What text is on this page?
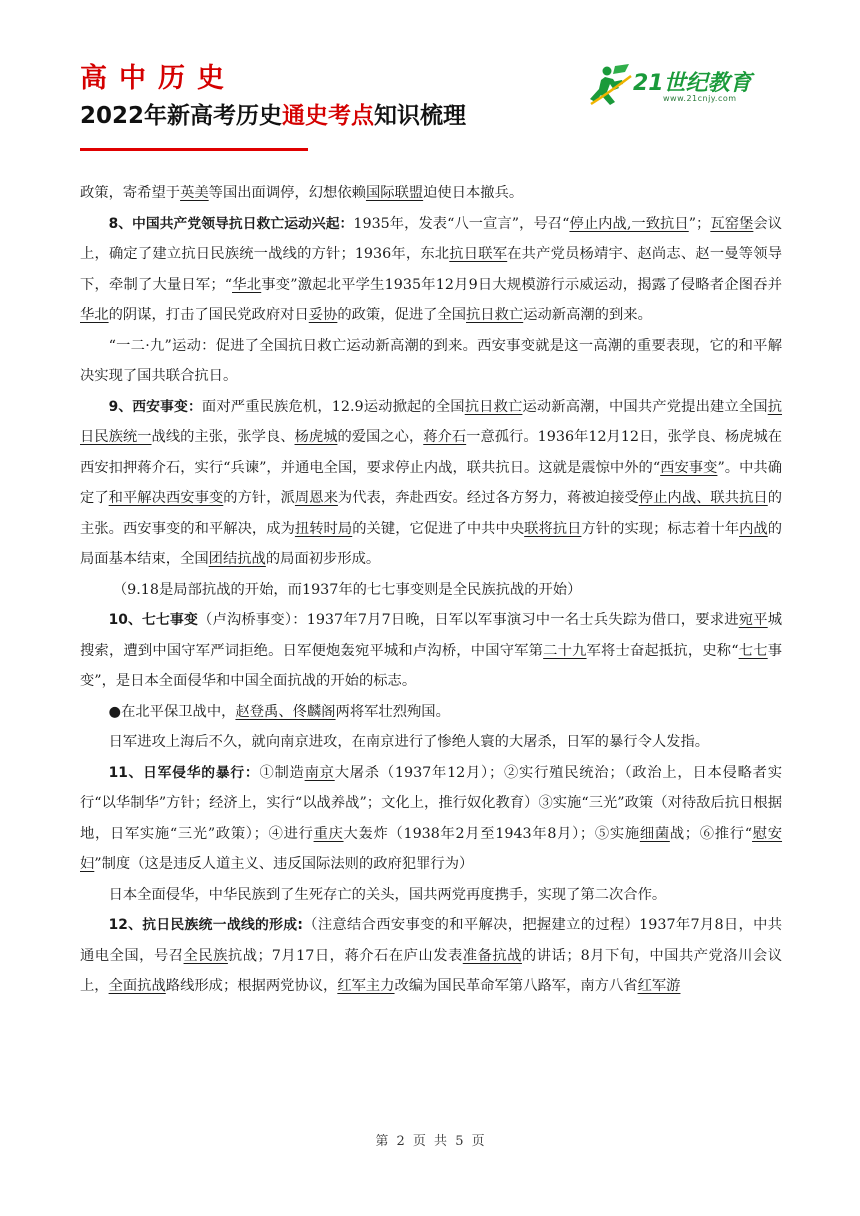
高中历史
2022年新高考历史通史考点知识梳理
21世纪教育
www.21cnjy.com

政策，寄希望于英美等国出面调停，幻想依赖国际联盟迫使日本撤兵。

8、中国共产党领导抗日救亡运动兴起：1935年，发表“八一宣言”，号召“停止内战,一致抗日”；瓦窑堡会议上，确定了建立抗日民族统一战线的方针；1936年，东北抗日联军在共产党员杨靖宇、赵尚志、赵一曼等领导下，牵制了大量日军；“华北事变”激起北平学生1935年12月9日大规模游行示威运动，揭露了侵略者企图吞并华北的阴谋，打击了国民党政府对日妥协的政策，促进了全国抗日救亡运动新高潮的到来。

“一二·九”运动：促进了全国抗日救亡运动新高潮的到来。西安事变就是这一高潮的重要表现，它的和平解决实现了国共联合抗日。

9、西安事变：面对严重民族危机，12.9运动掀起的全国抗日救亡运动新高潮，中国共产党提出建立全国抗日民族统一战线的主张，张学良、杨虎城的爱国之心，蒋介石一意孤行。1936年12月12日，张学良、杨虎城在西安扣押蒋介石，实行“兵谏”，并通电全国，要求停止内战，联共抗日。这就是震惊中外的“西安事变”。中共确定了和平解决西安事变的方针，派周恩来为代表，奔赴西安。经过各方努力，蒋被迫接受停止内战、联共抗日的主张。西安事变的和平解决，成为扭转时局的关键，它促进了中共中央联将抗日方针的实现；标志着十年内战的局面基本结束，全国团结抗战的局面初步形成。

（9.18是局部抗战的开始，而1937年的七七事变则是全民族抗战的开始）

10、七七事变（卢沟桥事变）：1937年7月7日晚，日军以军事演习中一名士兵失踪为借口，要求进宛平城搜索，遭到中国守军严词拒绝。日军便炮轰宛平城和卢沟桥，中国守军第二十九军将士奋起抵抗，史称“七七事变”，是日本全面侵华和中国全面抗战的开始的标志。

●在北平保卫战中，赵登禹、佟麟阁两将军壮烈殉国。

日军进攻上海后不久，就向南京进攻，在南京进行了惨绝人寰的大屠杀，日军的暴行令人发指。

11、日军侵华的暴行：①制造南京大屠杀（1937年12月）；②实行殖民统治；（政治上，日本侵略者实行“以华制华”方针；经济上，实行“以战养战”；文化上，推行奴化教育）③实施“三光”政策（对待敌后抗日根据地，日军实施“三光”政策）；④进行重庆大轰炸（1938年2月至1943年8月）；⑤实施细菌战；⑥推行“慰安妇”制度（这是违反人道主义、违反国际法则的政府犯罪行为）

日本全面侵华，中华民族到了生死存亡的关头，国共两党再度携手，实现了第二次合作。

12、抗日民族统一战线的形成:（注意结合西安事变的和平解决，把握建立的过程）1937年7月8日，中共通电全国，号召全民族抗战；7月17日，蒋介石在庐山发表准备抗战的讲话；8月下旬，中国共产党洛川会议上，全面抗战路线形成；根据两党协议，红军主力改编为国民革命军第八路军，南方八省红军游

第 2 页 共 5 页
